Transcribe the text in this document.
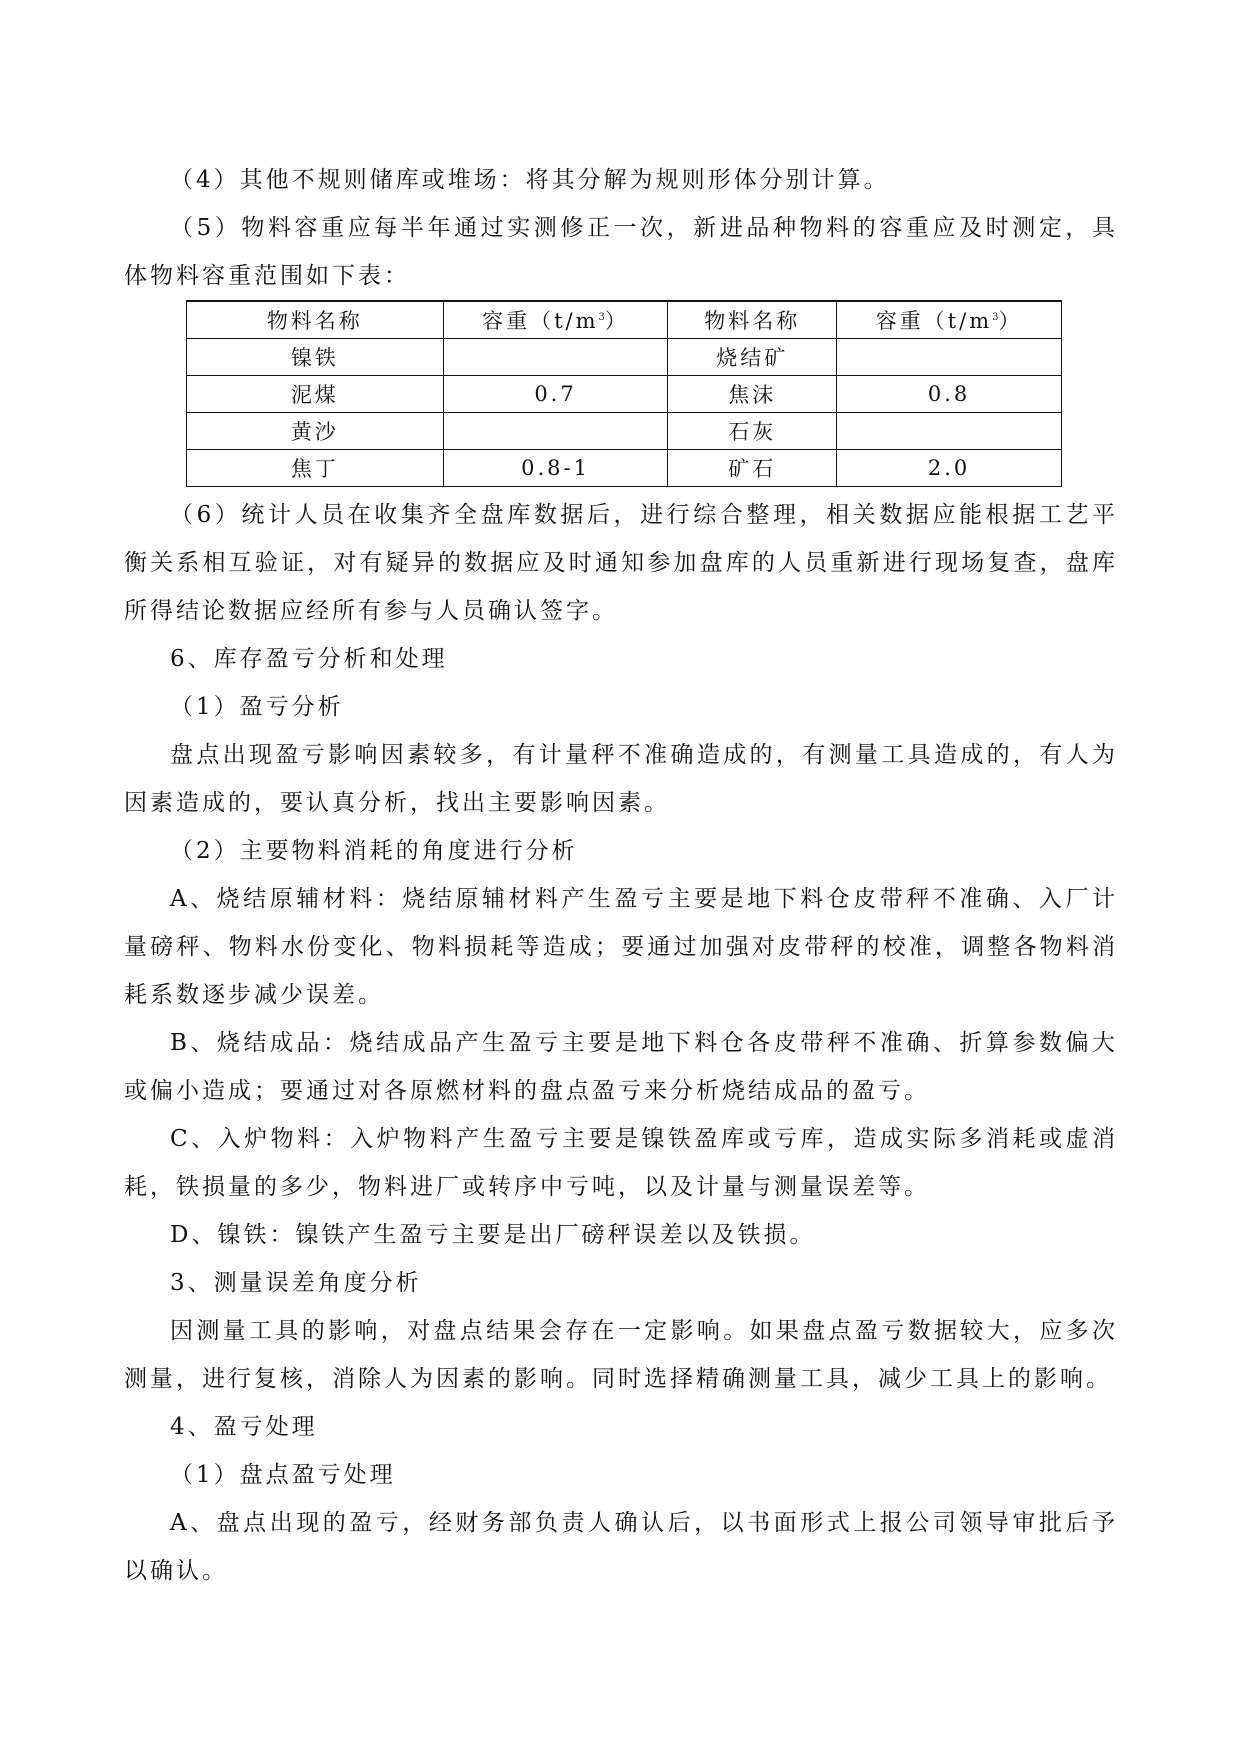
（4）其他不规则储库或堆场：将其分解为规则形体分别计算。

（5）物料容重应每半年通过实测修正一次，新进品种物料的容重应及时测定，具体物料容重范围如下表：

物料名称	容重$(t/m^3)$	物料名称	容重$(t/m^3)$
镍铁		烧结矿	
泥煤	0.7	焦沫	0.8
黄沙		石灰	
焦丁	0.8-1	矿石	2.0

（6）统计人员在收集齐全盘库数据后，进行综合整理，相关数据应能根据工艺平衡关系相互验证，对有疑异的数据应及时通知参加盘库的人员重新进行现场复查，盘库所得结论数据应经所有参与人员确认签字。

6、库存盈亏分析和处理

（1）盈亏分析

盘点出现盈亏影响因素较多，有计量秤不准确造成的，有测量工具造成的，有人为因素造成的，要认真分析，找出主要影响因素。

（2）主要物料消耗的角度进行分析

A、烧结原辅材料：烧结原辅材料产生盈亏主要是地下料仓皮带秤不准确、入厂计量磅秤、物料水份变化、物料损耗等造成；要通过加强对皮带秤的校准，调整各物料消耗系数逐步减少误差。

B、烧结成品：烧结成品产生盈亏主要是地下料仓各皮带秤不准确、折算参数偏大或偏小造成；要通过对各原燃材料的盘点盈亏来分析烧结成品的盈亏。

C、入炉物料：入炉物料产生盈亏主要是镍铁盈库或亏库，造成实际多消耗或虚消耗，铁损量的多少，物料进厂或转序中亏吨，以及计量与测量误差等。

D、镍铁：镍铁产生盈亏主要是出厂磅秤误差以及铁损。

3、测量误差角度分析

因测量工具的影响，对盘点结果会存在一定影响。如果盘点盈亏数据较大，应多次测量，进行复核，消除人为因素的影响。同时选择精确测量工具，减少工具上的影响。

4、盈亏处理

（1）盘点盈亏处理

A、盘点出现的盈亏，经财务部负责人确认后，以书面形式上报公司领导审批后予以确认。
